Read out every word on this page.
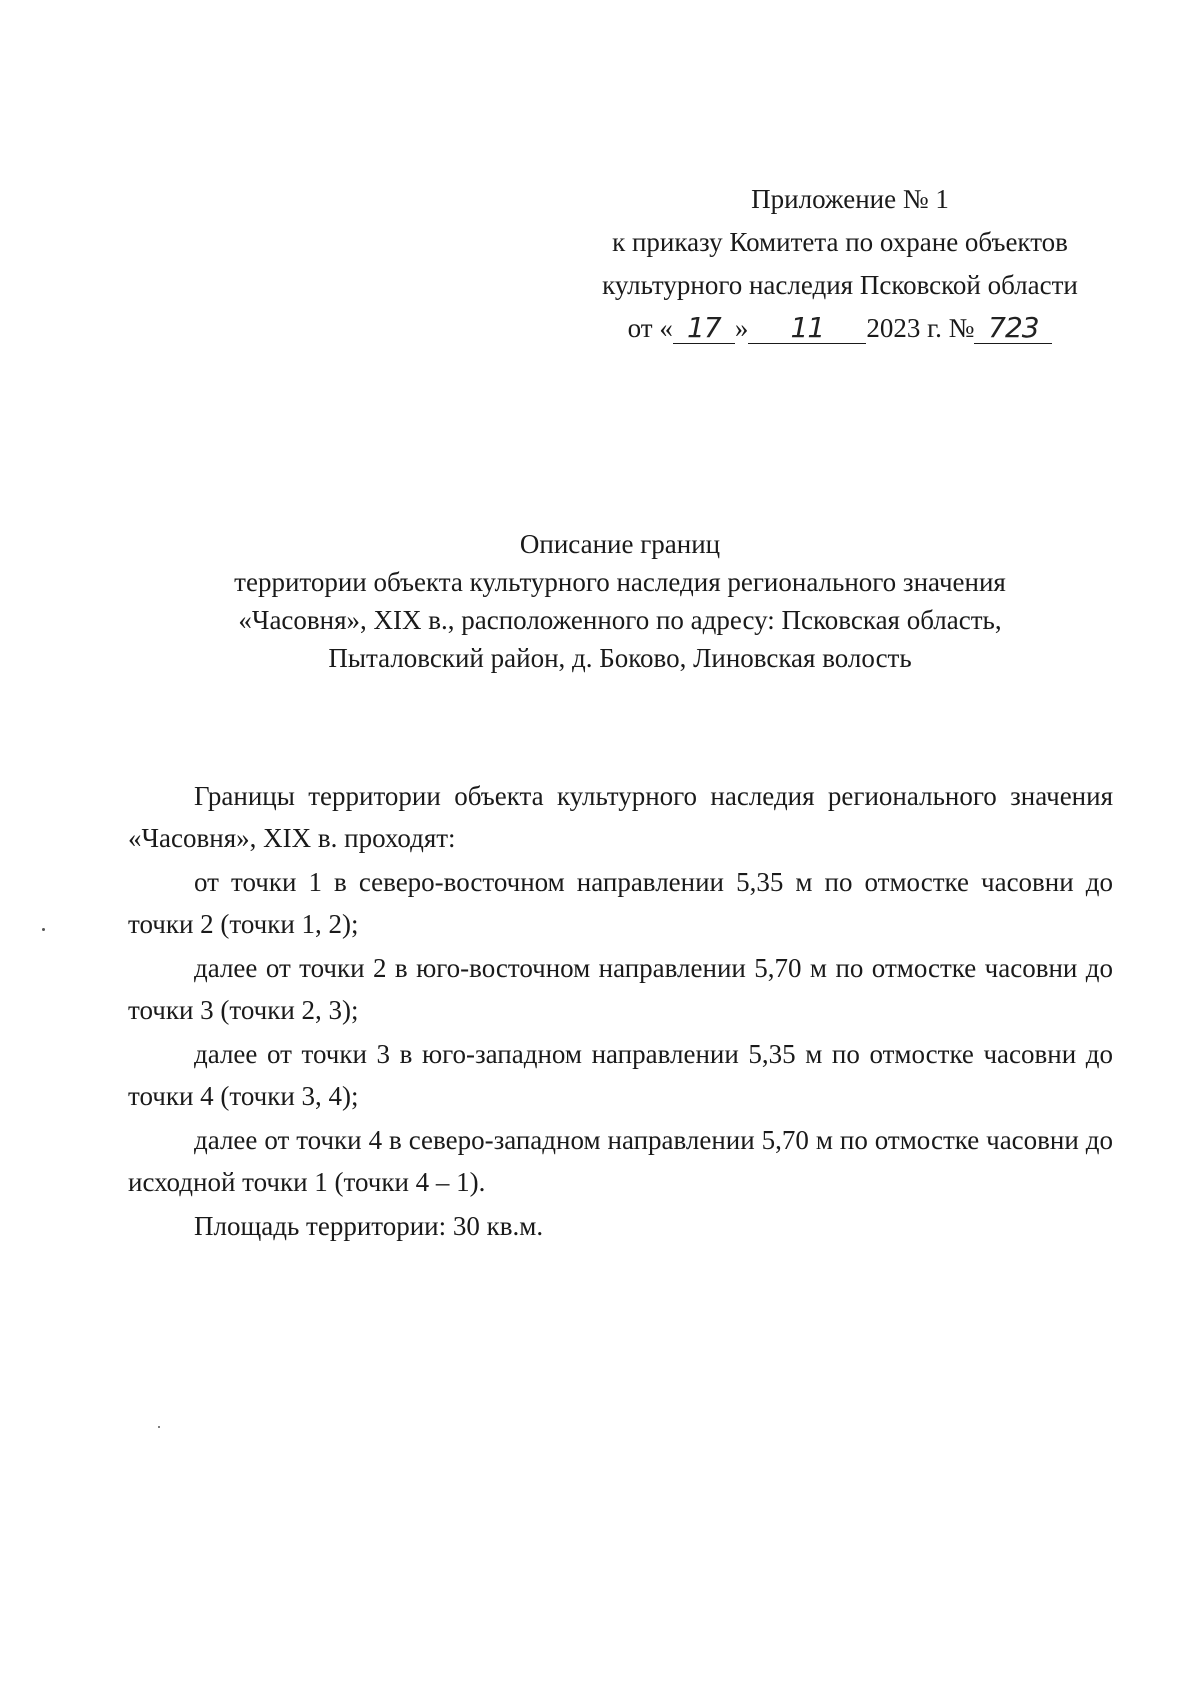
Приложение № 1
к приказу Комитета по охране объектов
культурного наследия Псковской области
от « 17 » 11 2023 г. № 723
Описание границ
территории объекта культурного наследия регионального значения
«Часовня», XIX в., расположенного по адресу: Псковская область,
Пыталовский район, д. Боково, Линовская волость

Границы территории объекта культурного наследия регионального значения «Часовня», XIX в. проходят:

от точки 1 в северо-восточном направлении 5,35 м по отмостке часовни до точки 2 (точки 1, 2);

далее от точки 2 в юго-восточном направлении 5,70 м по отмостке часовни до точки 3 (точки 2, 3);

далее от точки 3 в юго-западном направлении 5,35 м по отмостке часовни до точки 4 (точки 3, 4);

далее от точки 4 в северо-западном направлении 5,70 м по отмостке часовни до исходной точки 1 (точки 4 – 1).

Площадь территории: 30 кв.м.
